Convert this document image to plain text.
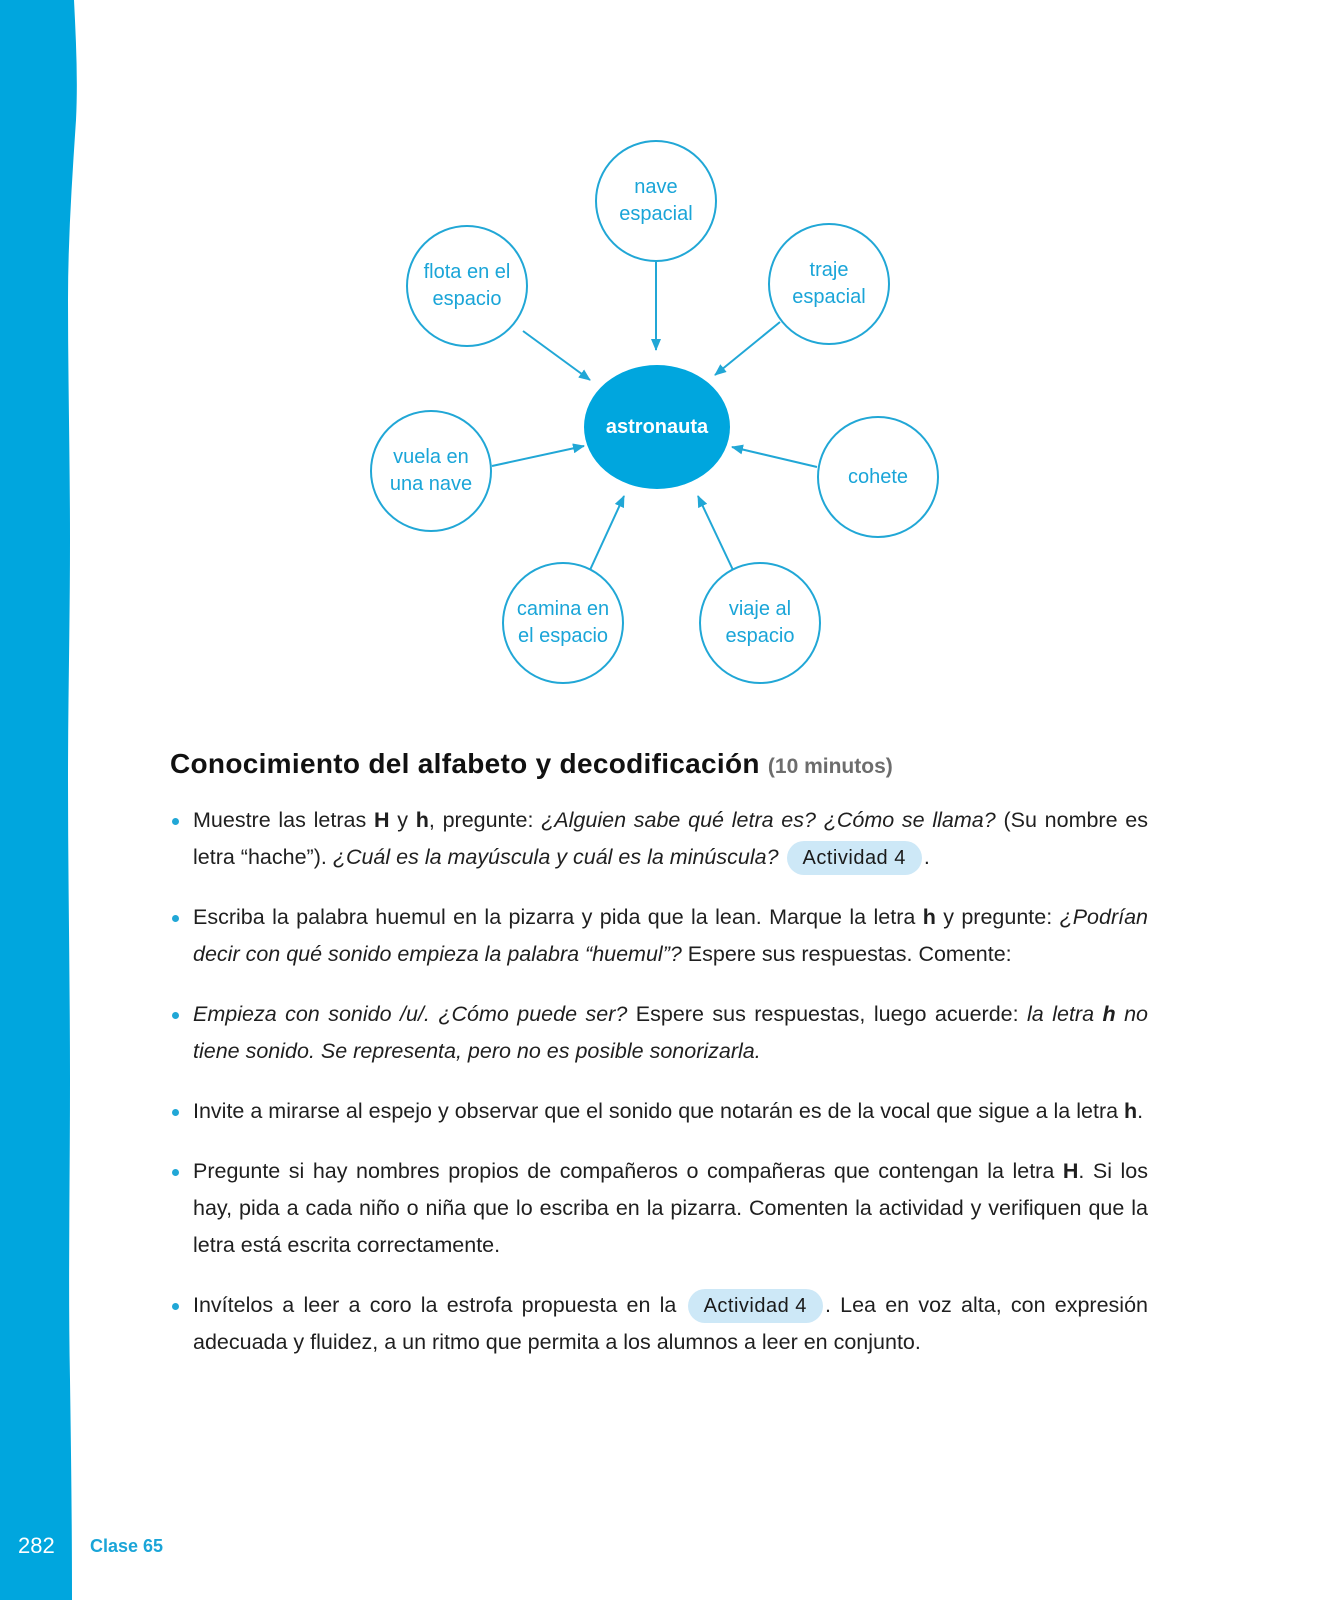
astronauta
nave
espacial
flota en el
espacio
traje
espacial
vuela en
una nave	cohete
camina en
el espacio
viaje al
espacio
Conocimiento del alfabeto y decodificación (10 minutos)
Muestre las letras H y h, pregunte: ¿Alguien sabe qué letra es? ¿Cómo se llama? (Su nombre es letra “hache”). ¿Cuál es la mayúscula y cuál es la minúscula? Actividad 4 .
Escriba la palabra huemul en la pizarra y pida que la lean. Marque la letra h y pregunte: ¿Podrían decir con qué sonido empieza la palabra “huemul”? Espere sus respuestas. Comente:
Empieza con sonido /u/. ¿Cómo puede ser? Espere sus respuestas, luego acuerde: la letra h no tiene sonido. Se representa, pero no es posible sonorizarla.
Invite a mirarse al espejo y observar que el sonido que notarán es de la vocal que sigue a la letra h.
Pregunte si hay nombres propios de compañeros o compañeras que contengan la letra H. Si los hay, pida a cada niño o niña que lo escriba en la pizarra. Comenten la actividad y verifiquen que la letra está escrita correctamente.
Invítelos a leer a coro la estrofa propuesta en la Actividad 4 . Lea en voz alta, con expresión adecuada y fluidez, a un ritmo que permita a los alumnos a leer en conjunto.
282 Clase 65
